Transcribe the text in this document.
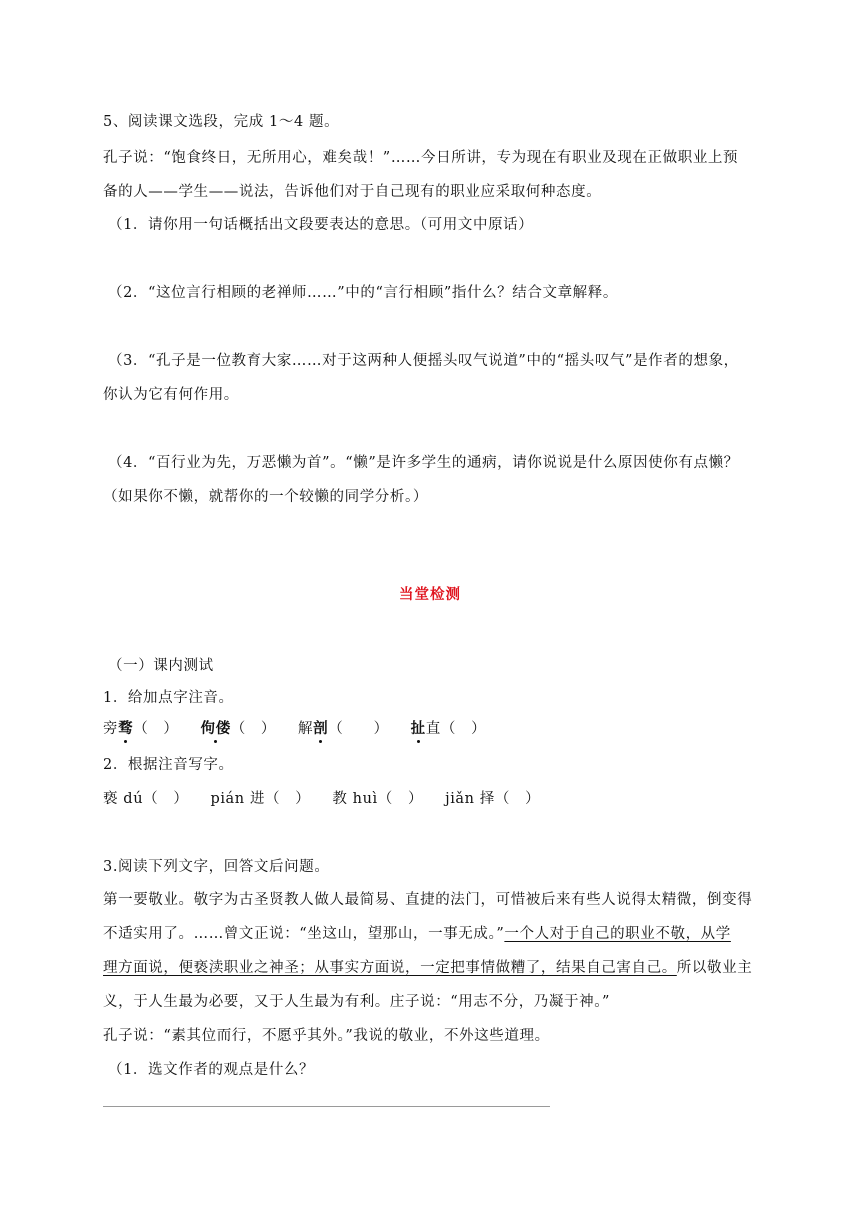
5、阅读课文选段，完成 1～4 题。
孔子说：“饱食终日，无所用心，难矣哉！”……今日所讲，专为现在有职业及现在正做职业上预
备的人——学生——说法，告诉他们对于自己现有的职业应采取何种态度。
（1．请你用一句话概括出文段要表达的意思。（可用文中原话）
（2．“这位言行相顾的老禅师……”中的“言行相顾”指什么？结合文章解释。
（3．“孔子是一位教育大家……对于这两种人便摇头叹气说道”中的“摇头叹气”是作者的想象，
你认为它有何作用。
（4．“百行业为先，万恶懒为首”。“懒”是许多学生的通病，请你说说是什么原因使你有点懒？
（如果你不懒，就帮你的一个较懒的同学分析。）
当堂检测
（一）课内测试
1．给加点字注音。
旁骛（　） 佝偻（　） 解剖（　　） 扯直（　）
2．根据注音写字。
亵 dú（　） pián 进（　） 教 huì（　） jiǎn 择（　）
3.阅读下列文字，回答文后问题。
第一要敬业。敬字为古圣贤教人做人最简易、直捷的法门，可惜被后来有些人说得太精微，倒变得
不适实用了。……曾文正说：“坐这山，望那山，一事无成。”一个人对于自己的职业不敬，从学
理方面说，便亵渎职业之神圣；从事实方面说，一定把事情做糟了，结果自己害自己。所以敬业主
义，于人生最为必要，又于人生最为有利。庄子说：“用志不分，乃凝于神。”
孔子说：“素其位而行，不愿乎其外。”我说的敬业，不外这些道理。
（1．选文作者的观点是什么？
